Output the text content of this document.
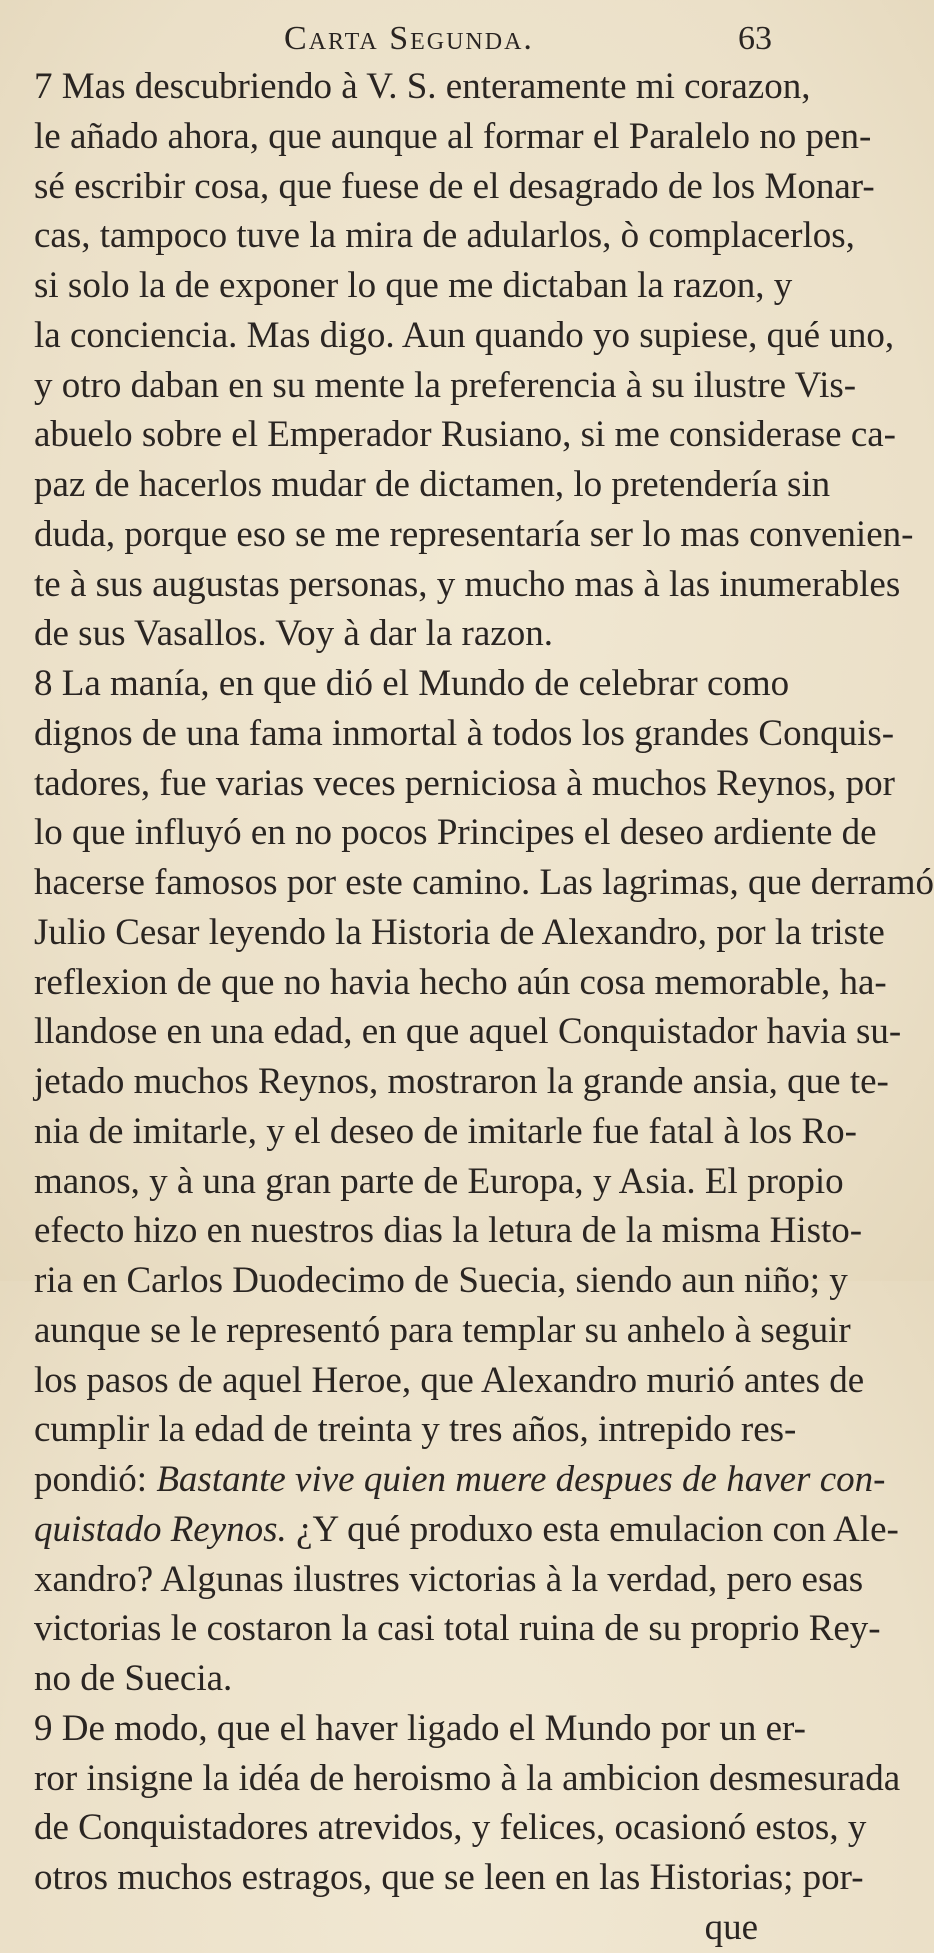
Carta Segunda.	63
7 Mas descubriendo à V. S. enteramente mi corazon,
le añado ahora, que aunque al formar el Paralelo no pen-
sé escribir cosa, que fuese de el desagrado de los Monar-
cas, tampoco tuve la mira de adularlos, ò complacerlos,
si solo la de exponer lo que me dictaban la razon, y
la conciencia. Mas digo. Aun quando yo supiese, qué uno,
y otro daban en su mente la preferencia à su ilustre Vis-
abuelo sobre el Emperador Rusiano, si me considerase ca-
paz de hacerlos mudar de dictamen, lo pretendería sin
duda, porque eso se me representaría ser lo mas convenien-
te à sus augustas personas, y mucho mas à las inumerables
de sus Vasallos. Voy à dar la razon.
8 La manía, en que dió el Mundo de celebrar como
dignos de una fama inmortal à todos los grandes Conquis-
tadores, fue varias veces perniciosa à muchos Reynos, por
lo que influyó en no pocos Principes el deseo ardiente de
hacerse famosos por este camino. Las lagrimas, que derramó
Julio Cesar leyendo la Historia de Alexandro, por la triste
reflexion de que no havia hecho aún cosa memorable, ha-
llandose en una edad, en que aquel Conquistador havia su-
jetado muchos Reynos, mostraron la grande ansia, que te-
nia de imitarle, y el deseo de imitarle fue fatal à los Ro-
manos, y à una gran parte de Europa, y Asia. El propio
efecto hizo en nuestros dias la letura de la misma Histo-
ria en Carlos Duodecimo de Suecia, siendo aun niño; y
aunque se le representó para templar su anhelo à seguir
los pasos de aquel Heroe, que Alexandro murió antes de
cumplir la edad de treinta y tres años, intrepido res-
pondió: Bastante vive quien muere despues de haver con-
quistado Reynos. ¿Y qué produxo esta emulacion con Ale-
xandro? Algunas ilustres victorias à la verdad, pero esas
victorias le costaron la casi total ruina de su proprio Rey-
no de Suecia.
9 De modo, que el haver ligado el Mundo por un er-
ror insigne la idéa de heroismo à la ambicion desmesurada
de Conquistadores atrevidos, y felices, ocasionó estos, y
otros muchos estragos, que se leen en las Historias; por-
que
